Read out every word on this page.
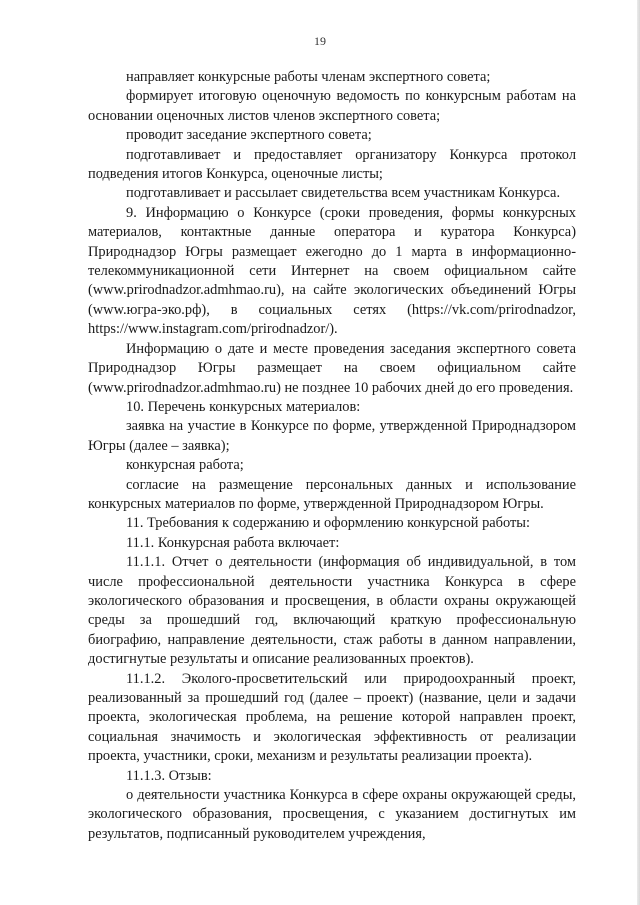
19

направляет конкурсные работы членам экспертного совета;

формирует итоговую оценочную ведомость по конкурсным работам на основании оценочных листов членов экспертного совета;

проводит заседание экспертного совета;

подготавливает и предоставляет организатору Конкурса протокол подведения итогов Конкурса, оценочные листы;

подготавливает и рассылает свидетельства всем участникам Конкурса.

9. Информацию о Конкурсе (сроки проведения, формы конкурсных материалов, контактные данные оператора и куратора Конкурса) Природнадзор Югры размещает ежегодно до 1 марта в информационно-телекоммуникационной сети Интернет на своем официальном сайте (www.prirodnadzor.admhmao.ru), на сайте экологических объединений Югры (www.югра-эко.рф), в социальных сетях (https://vk.com/prirodnadzor, https://www.instagram.com/prirodnadzor/).

Информацию о дате и месте проведения заседания экспертного совета Природнадзор Югры размещает на своем официальном сайте (www.prirodnadzor.admhmao.ru) не позднее 10 рабочих дней до его проведения.

10. Перечень конкурсных материалов:

заявка на участие в Конкурсе по форме, утвержденной Природнадзором Югры (далее – заявка);

конкурсная работа;

согласие на размещение персональных данных и использование конкурсных материалов по форме, утвержденной Природнадзором Югры.

11. Требования к содержанию и оформлению конкурсной работы:

11.1. Конкурсная работа включает:

11.1.1. Отчет о деятельности (информация об индивидуальной, в том числе профессиональной деятельности участника Конкурса в сфере экологического образования и просвещения, в области охраны окружающей среды за прошедший год, включающий краткую профессиональную биографию, направление деятельности, стаж работы в данном направлении, достигнутые результаты и описание реализованных проектов).

11.1.2. Эколого-просветительский или природоохранный проект, реализованный за прошедший год (далее – проект) (название, цели и задачи проекта, экологическая проблема, на решение которой направлен проект, социальная значимость и экологическая эффективность от реализации проекта, участники, сроки, механизм и результаты реализации проекта).

11.1.3. Отзыв:

о деятельности участника Конкурса в сфере охраны окружающей среды, экологического образования, просвещения, с указанием достигнутых им результатов, подписанный руководителем учреждения,
